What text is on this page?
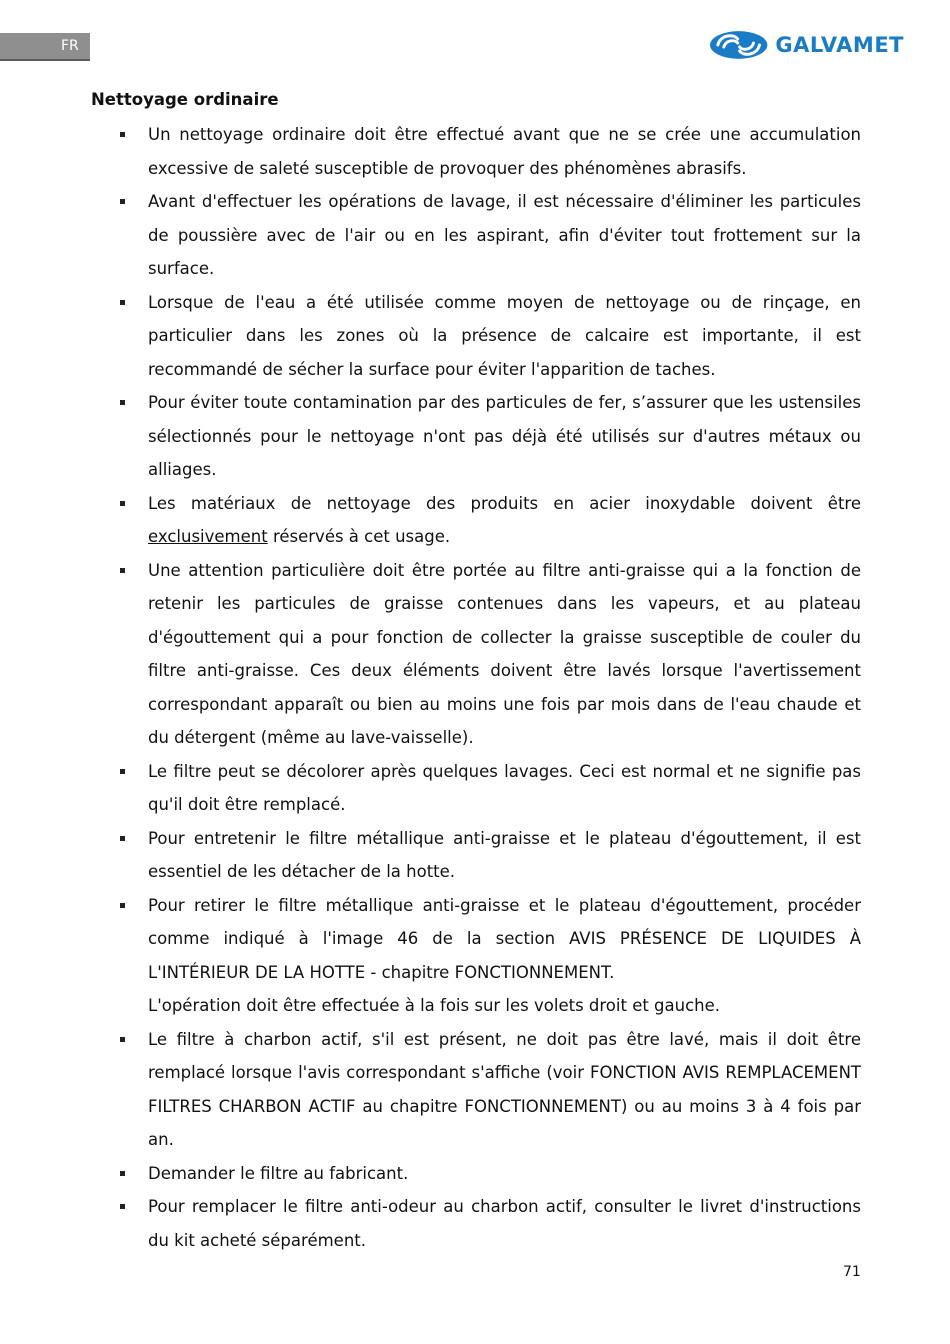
FR	GALVAMET
Nettoyage ordinaire
Un nettoyage ordinaire doit être effectué avant que ne se crée une accumulation excessive de saleté susceptible de provoquer des phénomènes abrasifs.
Avant d'effectuer les opérations de lavage, il est nécessaire d'éliminer les particules de poussière avec de l'air ou en les aspirant, afin d'éviter tout frottement sur la surface.
Lorsque de l'eau a été utilisée comme moyen de nettoyage ou de rinçage, en particulier dans les zones où la présence de calcaire est importante, il est recommandé de sécher la surface pour éviter l'apparition de taches.
Pour éviter toute contamination par des particules de fer, s’assurer que les ustensiles sélectionnés pour le nettoyage n'ont pas déjà été utilisés sur d'autres métaux ou alliages.
Les matériaux de nettoyage des produits en acier inoxydable doivent être exclusivement réservés à cet usage.
Une attention particulière doit être portée au filtre anti-graisse qui a la fonction de retenir les particules de graisse contenues dans les vapeurs, et au plateau d'égouttement qui a pour fonction de collecter la graisse susceptible de couler du filtre anti-graisse. Ces deux éléments doivent être lavés lorsque l'avertissement correspondant apparaît ou bien au moins une fois par mois dans de l'eau chaude et du détergent (même au lave-vaisselle).
Le filtre peut se décolorer après quelques lavages. Ceci est normal et ne signifie pas qu'il doit être remplacé.
Pour entretenir le filtre métallique anti-graisse et le plateau d'égouttement, il est essentiel de les détacher de la hotte.
Pour retirer le filtre métallique anti-graisse et le plateau d'égouttement, procéder comme indiqué à l'image 46 de la section AVIS PRÉSENCE DE LIQUIDES À L'INTÉRIEUR DE LA HOTTE - chapitre FONCTIONNEMENT.
L'opération doit être effectuée à la fois sur les volets droit et gauche.
Le filtre à charbon actif, s'il est présent, ne doit pas être lavé, mais il doit être remplacé lorsque l'avis correspondant s'affiche (voir FONCTION AVIS REMPLACEMENT FILTRES CHARBON ACTIF au chapitre FONCTIONNEMENT) ou au moins 3 à 4 fois par an.
Demander le filtre au fabricant.
Pour remplacer le filtre anti-odeur au charbon actif, consulter le livret d'instructions du kit acheté séparément.
71
